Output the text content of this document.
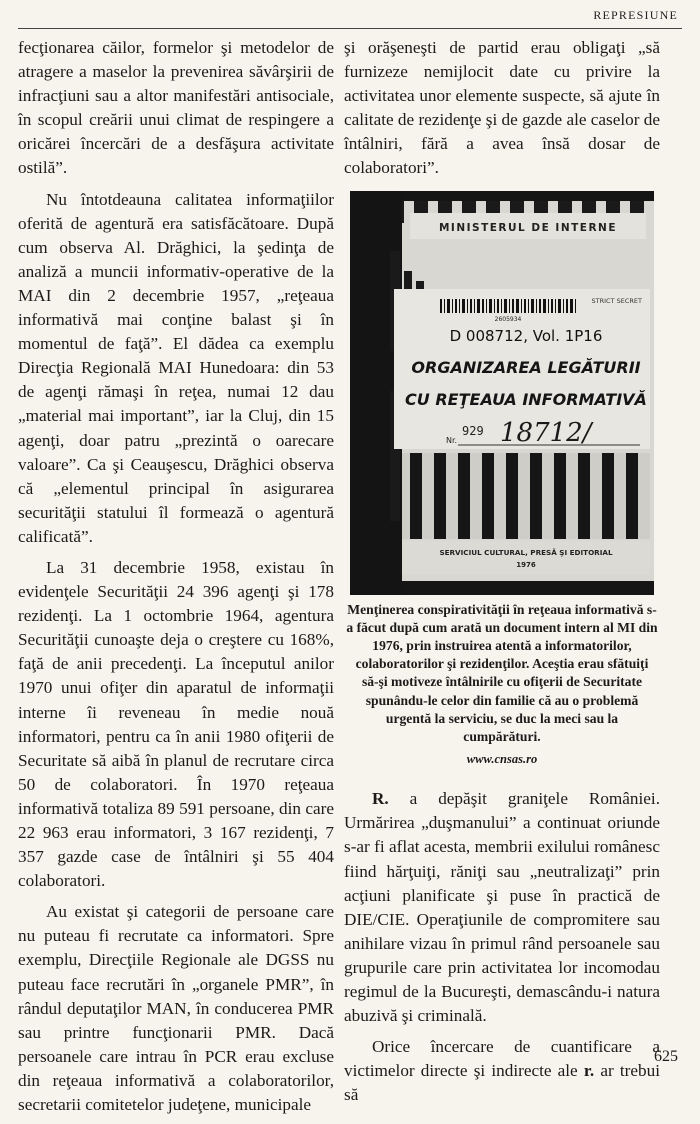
REPRESIUNE

fecţionarea căilor, formelor şi metodelor de atragere a maselor la prevenirea săvârşirii de infracţiuni sau a altor manifestări antisociale, în scopul creării unui climat de respingere a oricărei încercări de a desfăşura activitate ostilă”.

Nu întotdeauna calitatea informaţiilor oferită de agentură era satisfăcătoare. După cum observa Al. Drăghici, la şedinţa de analiză a muncii informativ-operative de la MAI din 2 decembrie 1957, „reţeaua informativă mai conţine balast şi în momentul de faţă”. El dădea ca exemplu Direcţia Regională MAI Hunedoara: din 53 de agenţi rămaşi în reţea, numai 12 dau „material mai important”, iar la Cluj, din 15 agenţi, doar patru „prezintă o oarecare valoare”. Ca şi Ceauşescu, Drăghici observa că „elementul principal în asigurarea securităţii statului îl formează o agentură calificată”.

La 31 decembrie 1958, existau în evidenţele Securităţii 24 396 agenţi şi 178 rezidenţi. La 1 octombrie 1964, agentura Securităţii cunoaşte deja o creştere cu 168%, faţă de anii precedenţi. La începutul anilor 1970 unui ofiţer din aparatul de informaţii interne îi reveneau în medie nouă informatori, pentru ca în anii 1980 ofiţerii de Securitate să aibă în planul de recrutare circa 50 de colaboratori. În 1970 reţeaua informativă totaliza 89 591 persoane, din care 22 963 erau informatori, 3 167 rezidenţi, 7 357 gazde case de întâlniri şi 55 404 colaboratori.

Au existat şi categorii de persoane care nu puteau fi recrutate ca informatori. Spre exemplu, Direcţiile Regionale ale DGSS nu puteau face recrutări în „organele PMR”, în rândul deputaţilor MAN, în conducerea PMR sau printre funcţionarii PMR. Dacă persoanele care intrau în PCR erau excluse din reţeaua informativă a colaboratorilor, secretarii comitetelor judeţene, municipale

şi orăşeneşti de partid erau obligaţi „să furnizeze nemijlocit date cu privire la activitatea unor elemente suspecte, să ajute în calitate de rezidenţe şi de gazde ale caselor de întâlniri, fără a avea însă dosar de colaboratori”.

MINISTERUL DE INTERNE
STRICT SECRET
2605934
D 008712, Vol. 1P16
ORGANIZAREA LEGĂTURII
CU REŢEAUA INFORMATIVĂ
Nr.
929 18712/
SERVICIUL CULTURAL, PRESĂ ŞI EDITORIAL
1976
Menţinerea conspirativităţii în reţeaua informativă s-a făcut după cum arată un document intern al MI din 1976, prin instruirea atentă a informatorilor, colaboratorilor şi rezidenţilor. Aceştia erau sfătuiţi să-şi motiveze întâlnirile cu ofiţerii de Securitate spunându-le celor din familie că au o problemă urgentă la serviciu, se duc la meci sau la cumpărături.
www.cnsas.ro

R. a depăşit graniţele României. Urmărirea „duşmanului” a continuat oriunde s-ar fi aflat acesta, membrii exilului românesc fiind hărţuiţi, răniţi sau „neutralizaţi” prin acţiuni planificate şi puse în practică de DIE/CIE. Operaţiunile de compromitere sau anihilare vizau în primul rând persoanele sau grupurile care prin activitatea lor incomodau regimul de la Bucureşti, demascându-i natura abuzivă şi criminală.

Orice încercare de cuantificare a victimelor directe şi indirecte ale r. ar trebui să

625
